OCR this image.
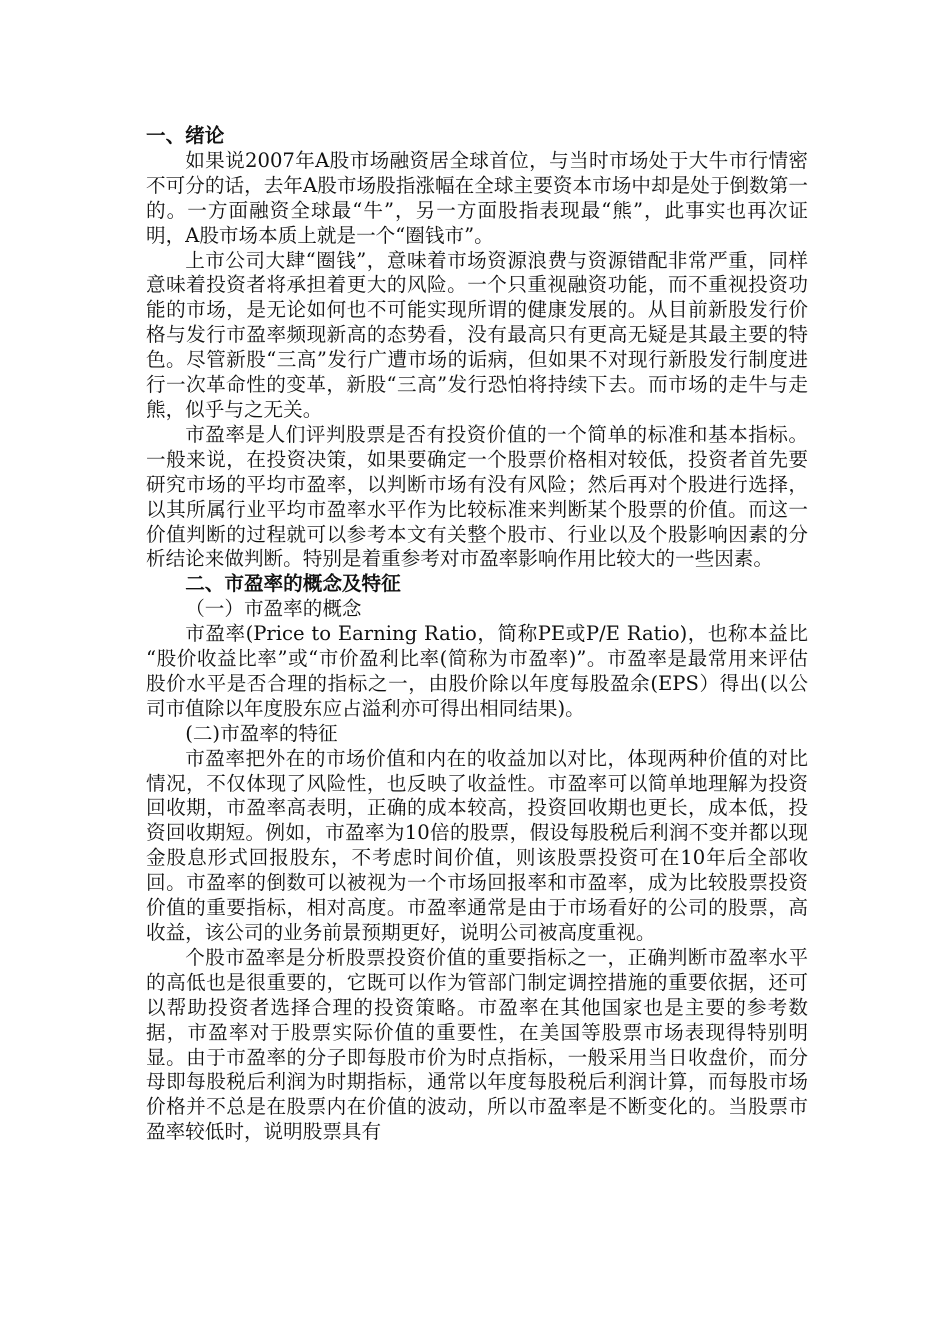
一、绪论

如果说2007年A股市场融资居全球首位，与当时市场处于大牛市行情密不可分的话，去年A股市场股指涨幅在全球主要资本市场中却是处于倒数第一的。一方面融资全球最“牛”，另一方面股指表现最“熊”，此事实也再次证明，A股市场本质上就是一个“圈钱市”。

上市公司大肆“圈钱”，意味着市场资源浪费与资源错配非常严重，同样意味着投资者将承担着更大的风险。一个只重视融资功能，而不重视投资功能的市场，是无论如何也不可能实现所谓的健康发展的。从目前新股发行价格与发行市盈率频现新高的态势看，没有最高只有更高无疑是其最主要的特色。尽管新股“三高”发行广遭市场的诟病，但如果不对现行新股发行制度进行一次革命性的变革，新股“三高”发行恐怕将持续下去。而市场的走牛与走熊，似乎与之无关。

市盈率是人们评判股票是否有投资价值的一个简单的标准和基本指标。一般来说，在投资决策，如果要确定一个股票价格相对较低，投资者首先要研究市场的平均市盈率，以判断市场有没有风险；然后再对个股进行选择，以其所属行业平均市盈率水平作为比较标准来判断某个股票的价值。而这一价值判断的过程就可以参考本文有关整个股市、行业以及个股影响因素的分析结论来做判断。特别是着重参考对市盈率影响作用比较大的一些因素。

二、市盈率的概念及特征

（一）市盈率的概念

市盈率(Price to Earning Ratio，简称PE或P/E Ratio)，也称本益比 “股价收益比率”或“市价盈利比率(简称为市盈率)”。市盈率是最常用来评估股价水平是否合理的指标之一，由股价除以年度每股盈余(EPS）得出(以公司市值除以年度股东应占溢利亦可得出相同结果)。

(二)市盈率的特征

市盈率把外在的市场价值和内在的收益加以对比，体现两种价值的对比情况，不仅体现了风险性，也反映了收益性。市盈率可以简单地理解为投资回收期，市盈率高表明，正确的成本较高，投资回收期也更长，成本低，投资回收期短。例如，市盈率为10倍的股票，假设每股税后利润不变并都以现金股息形式回报股东，不考虑时间价值，则该股票投资可在10年后全部收回。市盈率的倒数可以被视为一个市场回报率和市盈率，成为比较股票投资价值的重要指标，相对高度。市盈率通常是由于市场看好的公司的股票，高收益，该公司的业务前景预期更好，说明公司被高度重视。

个股市盈率是分析股票投资价值的重要指标之一，正确判断市盈率水平的高低也是很重要的，它既可以作为管部门制定调控措施的重要依据，还可以帮助投资者选择合理的投资策略。市盈率在其他国家也是主要的参考数据，市盈率对于股票实际价值的重要性，在美国等股票市场表现得特别明显。由于市盈率的分子即每股市价为时点指标，一般采用当日收盘价，而分母即每股税后利润为时期指标，通常以年度每股税后利润计算，而每股市场价格并不总是在股票内在价值的波动，所以市盈率是不断变化的。当股票市盈率较低时，说明股票具有
